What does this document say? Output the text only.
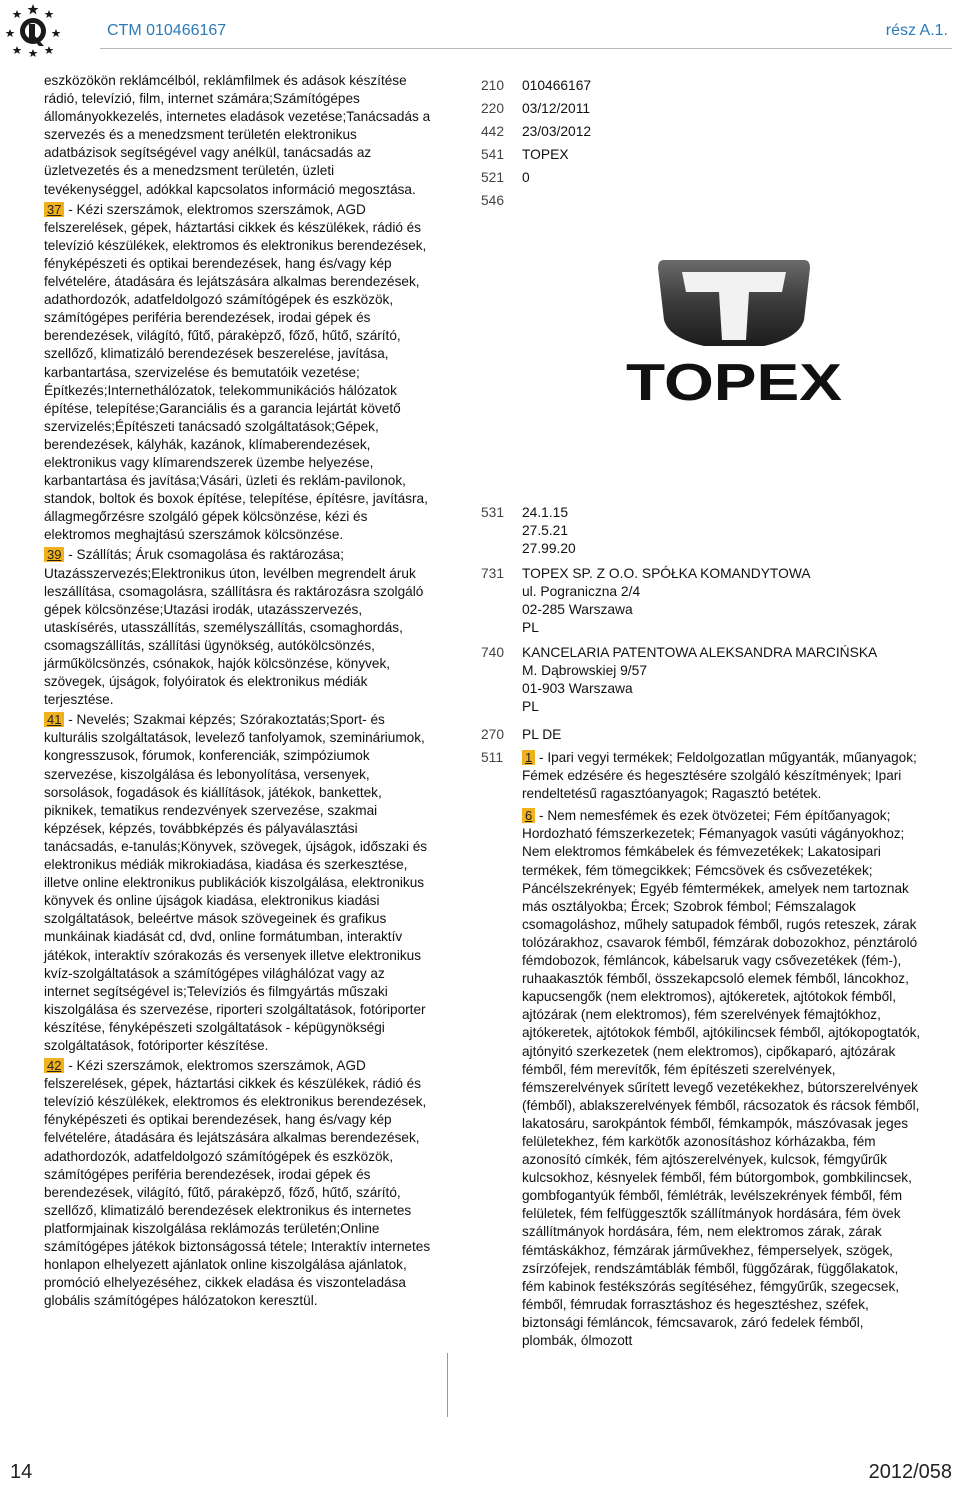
CTM 010466167	rész A.1.

eszközökön reklámcélból, reklámfilmek és adások készítése rádió, televízió, film, internet számára;Számítógépes állományokkezelés, internetes eladások vezetése;Tanácsadás a szervezés és a menedzsment területén elektronikus adatbázisok segítségével vagy anélkül, tanácsadás az üzletvezetés és a menedzsment területén, üzleti tevékenységgel, adókkal kapcsolatos információ megosztása.

37 - Kézi szerszámok, elektromos szerszámok, AGD felszerelések, gépek, háztartási cikkek és készülékek, rádió és televízió készülékek, elektromos és elektronikus berendezések, fényképészeti és optikai berendezések, hang és/vagy kép felvételére, átadására és lejátszására alkalmas berendezések, adathordozók, adatfeldolgozó számítógépek és eszközök, számítógépes periféria berendezések, irodai gépek és berendezések, világító, fűtő, párakėpző, főző, hűtő, szárító, szellőző, klimatizáló berendezések beszerelése, javítása, karbantartása, szervizelése és bemutatóik vezetése; Építkezés;Internethálózatok, telekommunikációs hálózatok építése, telepítése;Garanciális és a garancia lejártát követő szervizelés;Építészeti tanácsadó szolgáltatások;Gépek, berendezések, kályhák, kazánok, klímaberendezések, elektronikus vagy klímarendszerek üzembe helyezése, karbantartása és javítása;Vásári, üzleti és reklám-pavilonok, standok, boltok és boxok építése, telepítése, építésre, javításra, állagmegőrzésre szolgáló gépek kölcsönzése, kézi és elektromos meghajtású szerszámok kölcsönzése.

39 - Szállítás; Áruk csomagolása és raktározása; Utazásszervezés;Elektronikus úton, levélben megrendelt áruk leszállítása, csomagolásra, szállításra és raktározásra szolgáló gépek kölcsönzése;Utazási irodák, utazásszervezés, utaskísérés, utasszállítás, személyszállítás, csomaghordás, csomagszállítás, szállítási ügynökség, autókölcsönzés, járműkölcsönzés, csónakok, hajók kölcsönzése, könyvek, szövegek, újságok, folyóiratok és elektronikus médiák terjesztése.

41 - Nevelés; Szakmai képzés; Szórakoztatás;Sport- és kulturális szolgáltatások, levelező tanfolyamok, szemináriumok, kongresszusok, fórumok, konferenciák, szimpóziumok szervezése, kiszolgálása és lebonyolítása, versenyek, sorsolások, fogadások és kiállítások, játékok, bankettek, piknikek, tematikus rendezvények szervezése, szakmai képzések, képzés, továbbképzés és pályaválasztási tanácsadás, e-tanulás;Könyvek, szövegek, újságok, időszaki és elektronikus médiák mikrokiadása, kiadása és szerkesztése, illetve online elektronikus publikációk kiszolgálása, elektronikus könyvek és online újságok kiadása, elektronikus kiadási szolgáltatások, beleértve mások szövegeinek és grafikus munkáinak kiadását cd, dvd, online formátumban, interaktív játékok, interaktív szórakozás és versenyek illetve elektronikus kvíz-szolgáltatások a számítógépes világhálózat vagy az internet segítségével is;Televíziós és filmgyártás műszaki kiszolgálása és szervezése, riporteri szolgáltatások, fotóriporter készítése, fényképészeti szolgáltatások - képügynökségi szolgáltatások, fotóriporter készítése.

42 - Kézi szerszámok, elektromos szerszámok, AGD felszerelések, gépek, háztartási cikkek és készülékek, rádió és televízió készülékek, elektromos és elektronikus berendezések, fényképészeti és optikai berendezések, hang és/vagy kép felvételére, átadására és lejátszására alkalmas berendezések, adathordozók, adatfeldolgozó számítógépek és eszközök, számítógépes periféria berendezések, irodai gépek és berendezések, világító, fűtő, párakėpző, főző, hűtő, szárító, szellőző, klimatizáló berendezések elektronikus és internetes platformjainak kiszolgálása reklámozás területén;Online számítógépes játékok biztonságossá tétele; Interaktív internetes honlapon elhelyezett ajánlatok online kiszolgálása ajánlatok, promóció elhelyezéséhez, cikkek eladása és viszonteladása globális számítógépes hálózatokon keresztül.

210	010466167
220	03/12/2011
442	23/03/2012
541	TOPEX
521	0
546
531	24.1.15
27.5.21
27.99.20
731	TOPEX SP. Z O.O. SPÓŁKA KOMANDYTOWA
ul. Pograniczna 2/4
02-285 Warszawa
PL
740	KANCELARIA PATENTOWA ALEKSANDRA MARCIŃSKA
M. Dąbrowskiej 9/57
01-903 Warszawa
PL
270	PL DE
511	1 - Ipari vegyi termékek; Feldolgozatlan műgyanták, műanyagok; Fémek edzésére és hegesztésére szolgáló készítmények; Ipari rendeltetésű ragasztóanyagok; Ragasztó betétek.

6 - Nem nemesfémek és ezek ötvözetei; Fém építőanyagok; Hordozható fémszerkezetek; Fémanyagok vasúti vágányokhoz; Nem elektromos fémkábelek és fémvezetékek; Lakatosipari termékek, fém tömegcikkek; Fémcsövek és csővezetékek; Páncélszekrények; Egyéb fémtermékek, amelyek nem tartoznak más osztályokba; Ércek; Szobrok fémbol; Fémszalagok csomagoláshoz, műhely satupadok fémből, rugós reteszek, zárak tolózárakhoz, csavarok fémből, fémzárak dobozokhoz, pénztároló fémdobozok, fémláncok, kábelsaruk vagy csővezetékek (fém-), ruhaakasztók fémből, összekapcsoló elemek fémből, láncokhoz, kapucsengők (nem elektromos), ajtókeretek, ajtótokok fémből, ajtózárak (nem elektromos), fém szerelvények fémajtókhoz, ajtókeretek, ajtótokok fémből, ajtókilincsek fémből, ajtókopogtatók, ajtónyitó szerkezetek (nem elektromos), cipőkaparó, ajtózárak fémből, fém merevítők, fém építészeti szerelvények, fémszerelvények sűrített levegő vezetékekhez, bútorszerelvények (fémből), ablakszerelvények fémből, rácsozatok és rácsok fémből, lakatosáru, sarokpántok fémből, fémkampók, mászóvasak jeges felületekhez, fém karkötők azonosításhoz kórházakba, fém azonosító címkék, fém ajtószerelvények, kulcsok, fémgyűrűk kulcsokhoz, késnyelek fémből, fém bútorgombok, gombkilincsek, gombfogantyúk fémből, fémlétrák, levélszekrények fémből, fém felületek, fém felfüggesztők szállítmányok hordására, fém övek szállítmányok hordására, fém, nem elektromos zárak, zárak fémtáskákhoz, fémzárak járművekhez, fémperselyek, szögek, zsírzófejek, rendszámtáblák fémből, függőzárak, függőlakatok, fém kabinok festékszórás segítéséhez, fémgyűrűk, szegecsek, fémből, fémrudak forrasztáshoz és hegesztéshez, széfek, biztonsági fémláncok, fémcsavarok, záró fedelek fémből, plombák, ólmozott

TOPEX
14	2012/058
